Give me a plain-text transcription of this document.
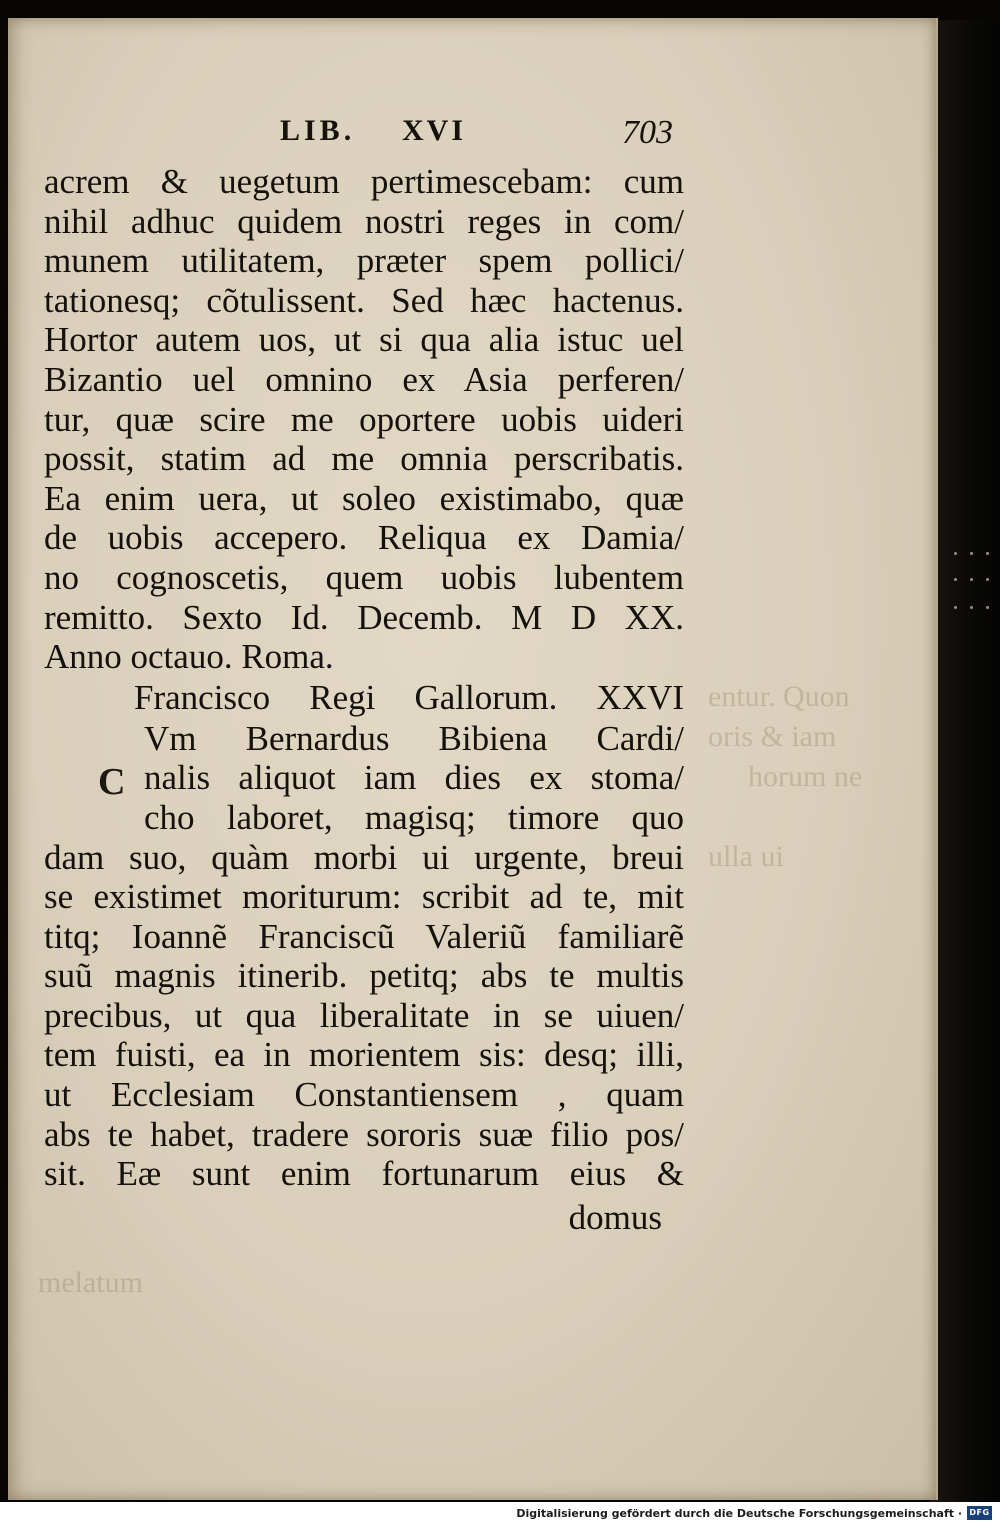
entur. Quon
oris & iam
horum ne
ulla ui
melatum
LIB. XVI	703
acrem & uegetum pertimescebam: cum
nihil adhuc quidem nostri reges in com/
munem utilitatem, præter spem pollici/
tationesq; cõtulissent. Sed hæc hactenus.
Hortor autem uos, ut si qua alia istuc uel
Bizantio uel omnino ex Asia perferen/
tur, quæ scire me oportere uobis uideri
possit, statim ad me omnia perscribatis.
Ea enim uera, ut soleo existimabo, quæ
de uobis accepero. Reliqua ex Damia/
no cognoscetis, quem uobis lubentem
remitto. Sexto Id. Decemb. M D XX.
Anno octauo. Roma.
Francisco Regi Gallorum. XXVI
C
Vm Bernardus Bibiena Cardi/
nalis aliquot iam dies ex stoma/
cho laboret, magisq; timore quo
dam suo, quàm morbi ui urgente, breui
se existimet moriturum: scribit ad te, mit
titq; Ioannẽ Franciscũ Valeriũ familiarẽ
suũ magnis itinerib. petitq; abs te multis
precibus, ut qua liberalitate in se uiuen/
tem fuisti, ea in morientem sis: desq; illi,
ut Ecclesiam Constantiensem , quam
abs te habet, tradere sororis suæ filio pos/
sit. Eæ sunt enim fortunarum eius &
domus
Digitalisierung gefördert durch die Deutsche Forschungsgemeinschaft · DFG
